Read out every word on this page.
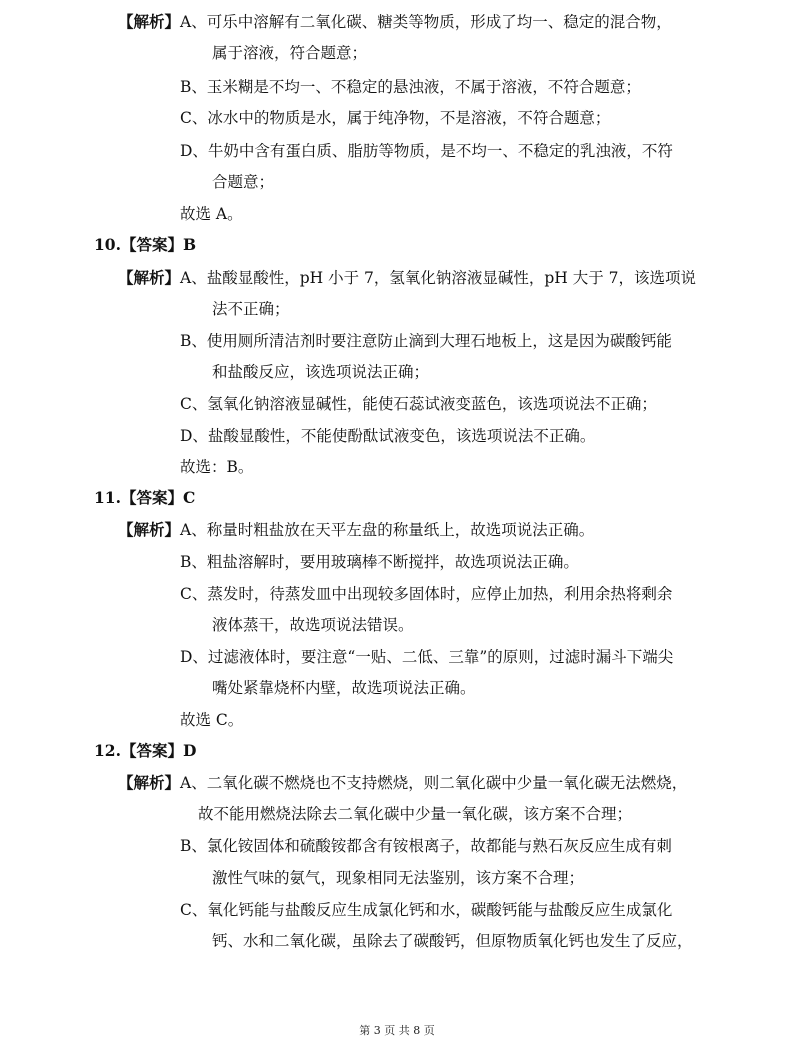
【解析】A、可乐中溶解有二氧化碳、糖类等物质，形成了均一、稳定的混合物，
属于溶液，符合题意；
B、玉米糊是不均一、不稳定的悬浊液，不属于溶液，不符合题意；
C、冰水中的物质是水，属于纯净物，不是溶液，不符合题意；
D、牛奶中含有蛋白质、脂肪等物质，是不均一、不稳定的乳浊液，不符
合题意；
故选 A。
10.【答案】B
【解析】A、盐酸显酸性，pH 小于 7，氢氧化钠溶液显碱性，pH 大于 7，该选项说
法不正确；
B、使用厕所清洁剂时要注意防止滴到大理石地板上，这是因为碳酸钙能
和盐酸反应，该选项说法正确；
C、氢氧化钠溶液显碱性，能使石蕊试液变蓝色，该选项说法不正确；
D、盐酸显酸性，不能使酚酞试液变色，该选项说法不正确。
故选：B。
11.【答案】C
【解析】A、称量时粗盐放在天平左盘的称量纸上，故选项说法正确。
B、粗盐溶解时，要用玻璃棒不断搅拌，故选项说法正确。
C、蒸发时，待蒸发皿中出现较多固体时，应停止加热，利用余热将剩余
液体蒸干，故选项说法错误。
D、过滤液体时，要注意“一贴、二低、三靠”的原则，过滤时漏斗下端尖
嘴处紧靠烧杯内壁，故选项说法正确。
故选 C。
12.【答案】D
【解析】A、二氧化碳不燃烧也不支持燃烧，则二氧化碳中少量一氧化碳无法燃烧，
故不能用燃烧法除去二氧化碳中少量一氧化碳，该方案不合理；
B、氯化铵固体和硫酸铵都含有铵根离子，故都能与熟石灰反应生成有刺
激性气味的氨气，现象相同无法鉴别，该方案不合理；
C、氧化钙能与盐酸反应生成氯化钙和水，碳酸钙能与盐酸反应生成氯化
钙、水和二氧化碳，虽除去了碳酸钙，但原物质氧化钙也发生了反应，
第 3 页 共 8 页
